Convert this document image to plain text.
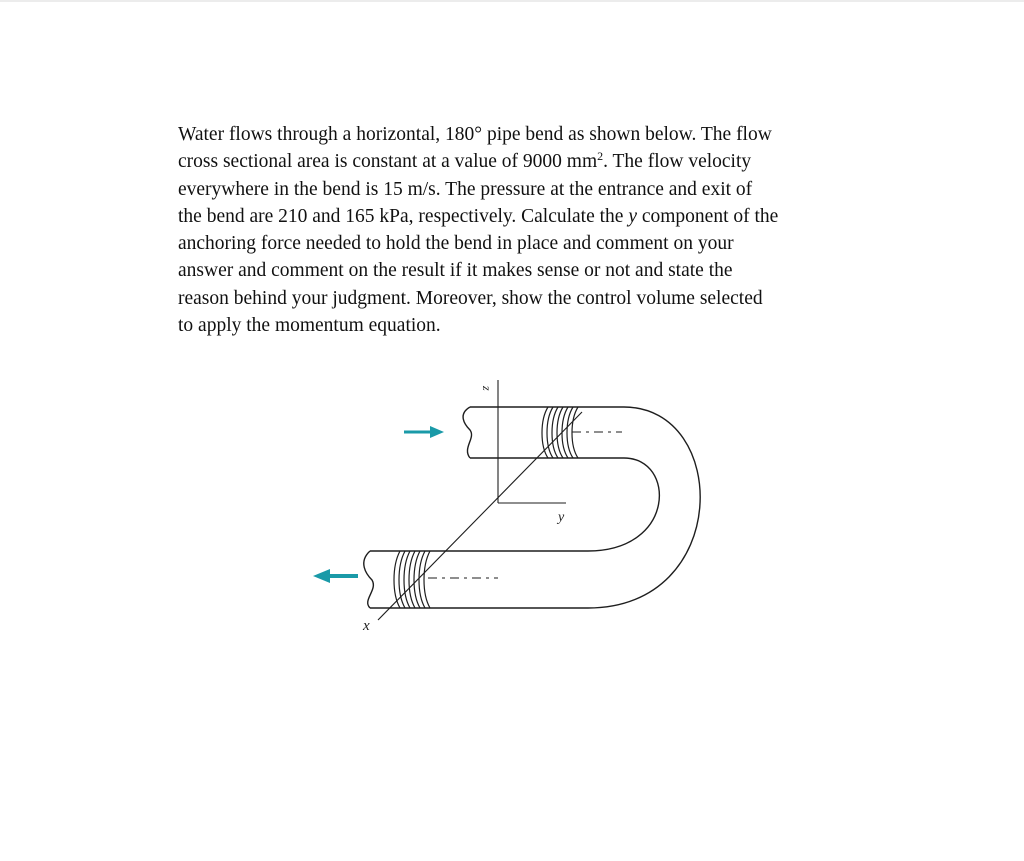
Water flows through a horizontal, 180° pipe bend as shown below. The flow
cross sectional area is constant at a value of 9000 $mm^2$. The flow velocity
everywhere in the bend is 15 m/s. The pressure at the entrance and exit of
the bend are 210 and 165 kPa, respectively. Calculate the y component of the
anchoring force needed to hold the bend in place and comment on your
answer and comment on the result if it makes sense or not and state the
reason behind your judgment. Moreover, show the control volume selected
to apply the momentum equation.
z
y
x
